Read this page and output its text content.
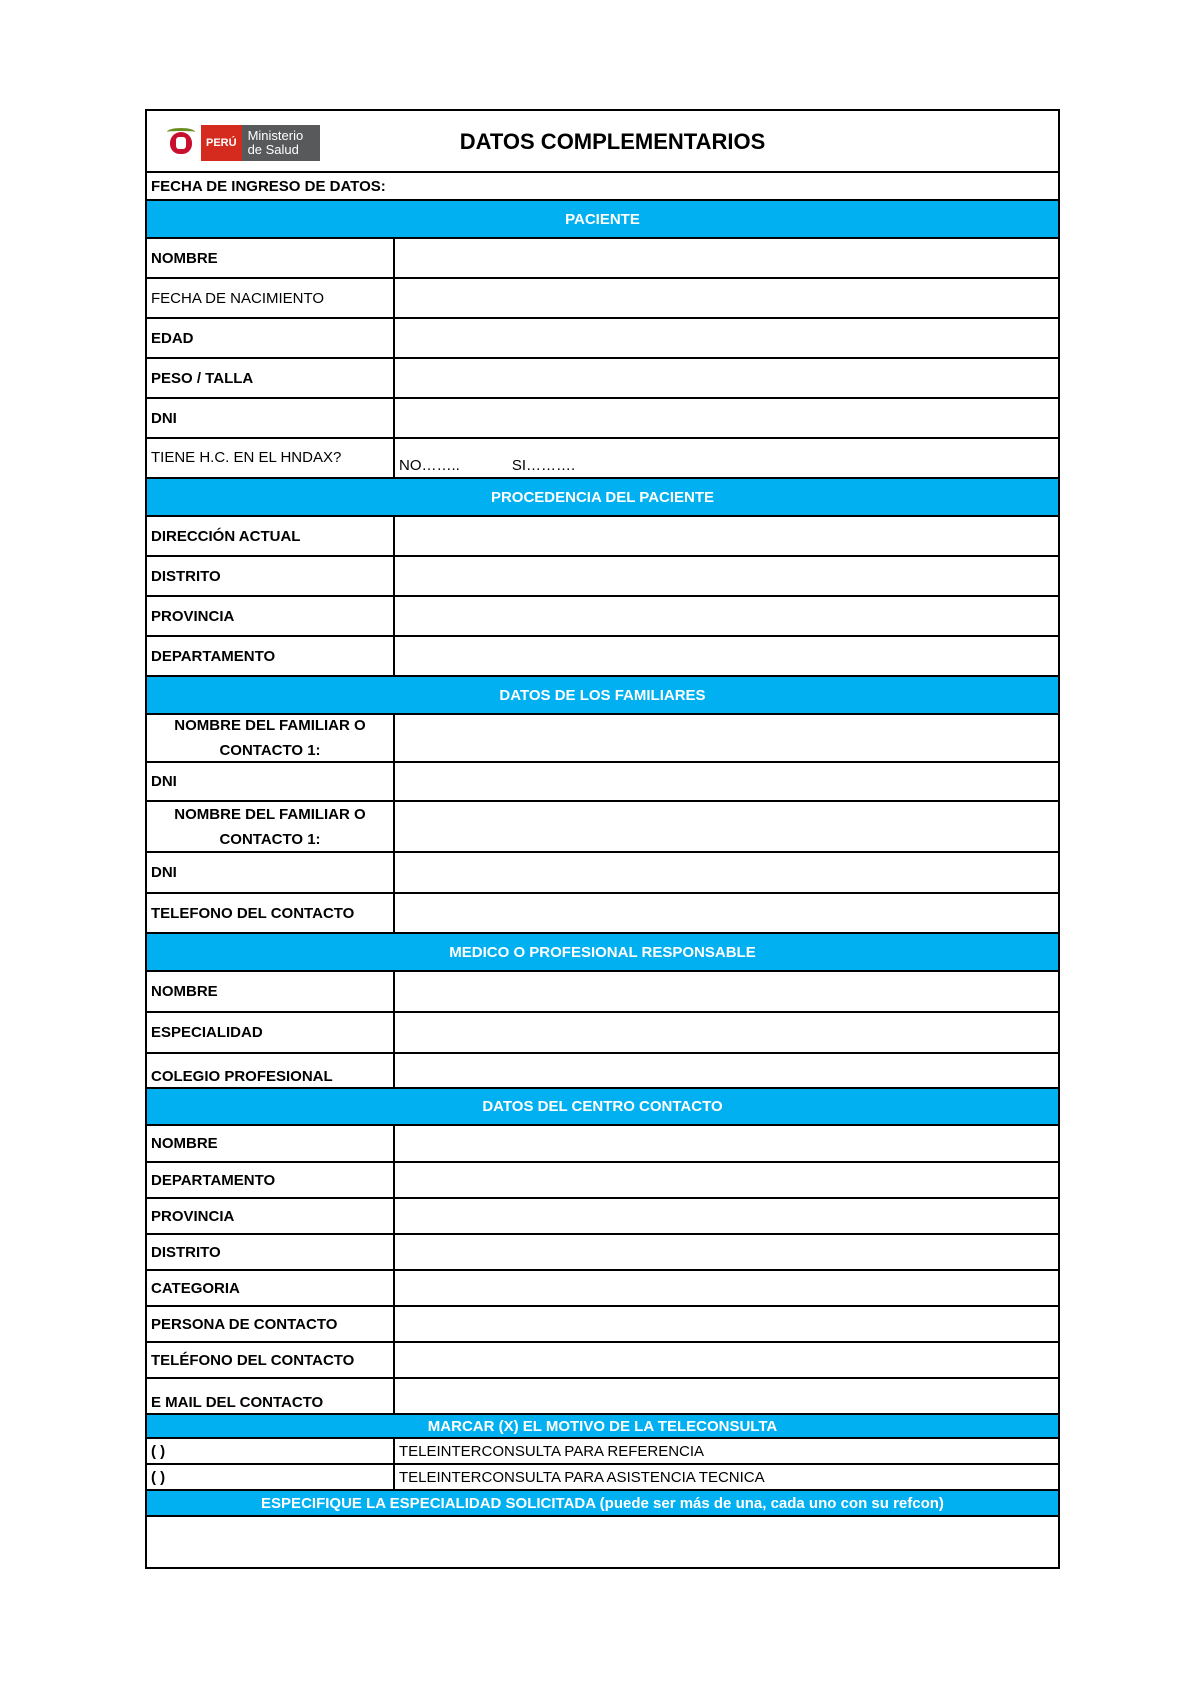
PERÚ Ministerio de Salud	DATOS COMPLEMENTARIOS
FECHA DE INGRESO DE DATOS:
PACIENTE
NOMBRE
FECHA DE NACIMIENTO
EDAD
PESO / TALLA
DNI
TIENE H.C. EN EL HNDAX?	NO……..	SI……….
PROCEDENCIA DEL PACIENTE
DIRECCIÓN ACTUAL
DISTRITO
PROVINCIA
DEPARTAMENTO
DATOS DE LOS FAMILIARES
NOMBRE DEL FAMILIAR O CONTACTO 1:
DNI
NOMBRE DEL FAMILIAR O CONTACTO 1:
DNI
TELEFONO DEL CONTACTO
MEDICO O PROFESIONAL RESPONSABLE
NOMBRE
ESPECIALIDAD
COLEGIO PROFESIONAL
DATOS DEL CENTRO CONTACTO
NOMBRE
DEPARTAMENTO
PROVINCIA
DISTRITO
CATEGORIA
PERSONA DE CONTACTO
TELÉFONO DEL CONTACTO
E MAIL DEL CONTACTO
MARCAR (X) EL MOTIVO DE LA TELECONSULTA
( )	TELEINTERCONSULTA PARA REFERENCIA
( )	TELEINTERCONSULTA PARA ASISTENCIA TECNICA
ESPECIFIQUE LA ESPECIALIDAD SOLICITADA (puede ser más de una, cada uno con su refcon)
